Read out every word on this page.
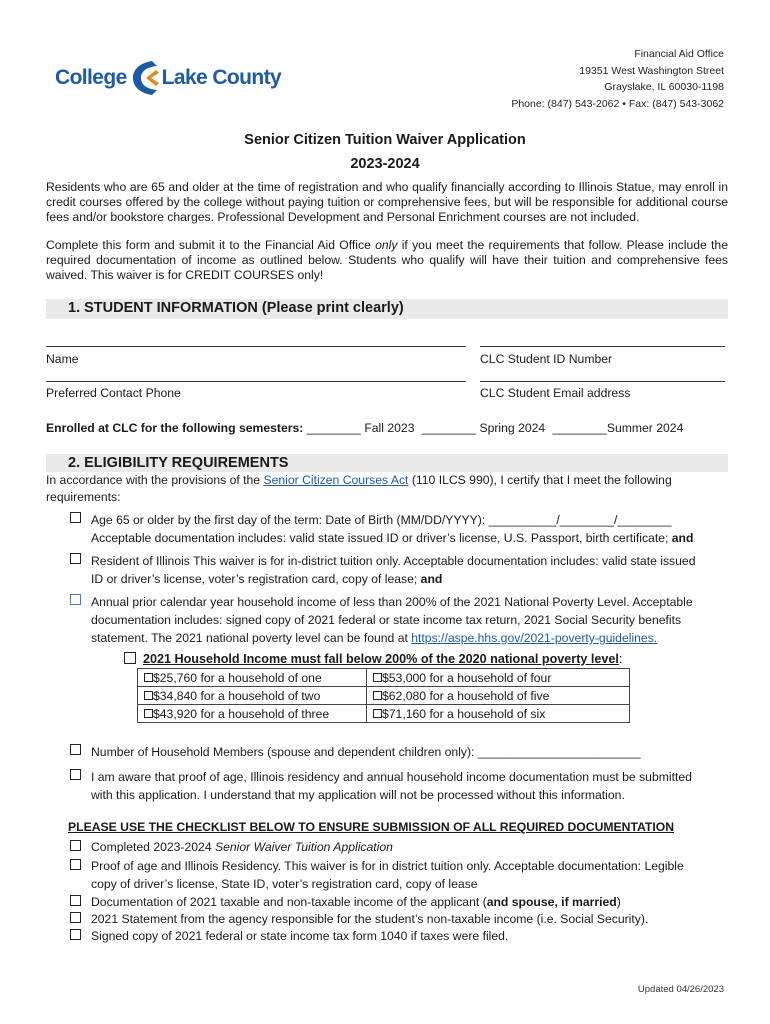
College Lake County
Financial Aid Office
19351 West Washington Street
Grayslake, IL 60030-1198
Phone: (847) 543-2062 • Fax: (847) 543-3062
Senior Citizen Tuition Waiver Application
2023-2024
Residents who are 65 and older at the time of registration and who qualify financially according to Illinois Statue, may enroll in credit courses offered by the college without paying tuition or comprehensive fees, but will be responsible for additional course fees and/or bookstore charges. Professional Development and Personal Enrichment courses are not included.
Complete this form and submit it to the Financial Aid Office only if you meet the requirements that follow. Please include the required documentation of income as outlined below. Students who qualify will have their tuition and comprehensive fees waived. This waiver is for CREDIT COURSES only!
1. STUDENT INFORMATION (Please print clearly)
Name	CLC Student ID Number
Preferred Contact Phone	CLC Student Email address
Enrolled at CLC for the following semesters: ________ Fall 2023 ________ Spring 2024 ________Summer 2024
2. ELIGIBILITY REQUIREMENTS
In accordance with the provisions of the Senior Citizen Courses Act (110 ILCS 990), I certify that I meet the following
requirements:
Age 65 or older by the first day of the term: Date of Birth (MM/DD/YYYY): __________/________/________
Acceptable documentation includes: valid state issued ID or driver’s license, U.S. Passport, birth certificate; and
Resident of Illinois This waiver is for in-district tuition only. Acceptable documentation includes: valid state issued
ID or driver’s license, voter’s registration card, copy of lease; and
Annual prior calendar year household income of less than 200% of the 2021 National Poverty Level. Acceptable
documentation includes: signed copy of 2021 federal or state income tax return, 2021 Social Security benefits
statement. The 2021 national poverty level can be found at https://aspe.hhs.gov/2021-poverty-guidelines.
2021 Household Income must fall below 200% of the 2020 national poverty level:
$25,760 for a household of one	$53,000 for a household of four
$34,840 for a household of two	$62,080 for a household of five
$43,920 for a household of three	$71,160 for a household of six
Number of Household Members (spouse and dependent children only): ________________________
I am aware that proof of age, Illinois residency and annual household income documentation must be submitted
with this application. I understand that my application will not be processed without this information.
PLEASE USE THE CHECKLIST BELOW TO ENSURE SUBMISSION OF ALL REQUIRED DOCUMENTATION
Completed 2023-2024 Senior Waiver Tuition Application
Proof of age and Illinois Residency. This waiver is for in district tuition only. Acceptable documentation: Legible
copy of driver’s license, State ID, voter’s registration card, copy of lease
Documentation of 2021 taxable and non-taxable income of the applicant (and spouse, if married)
2021 Statement from the agency responsible for the student’s non-taxable income (i.e. Social Security).
Signed copy of 2021 federal or state income tax form 1040 if taxes were filed.
Updated 04/26/2023
